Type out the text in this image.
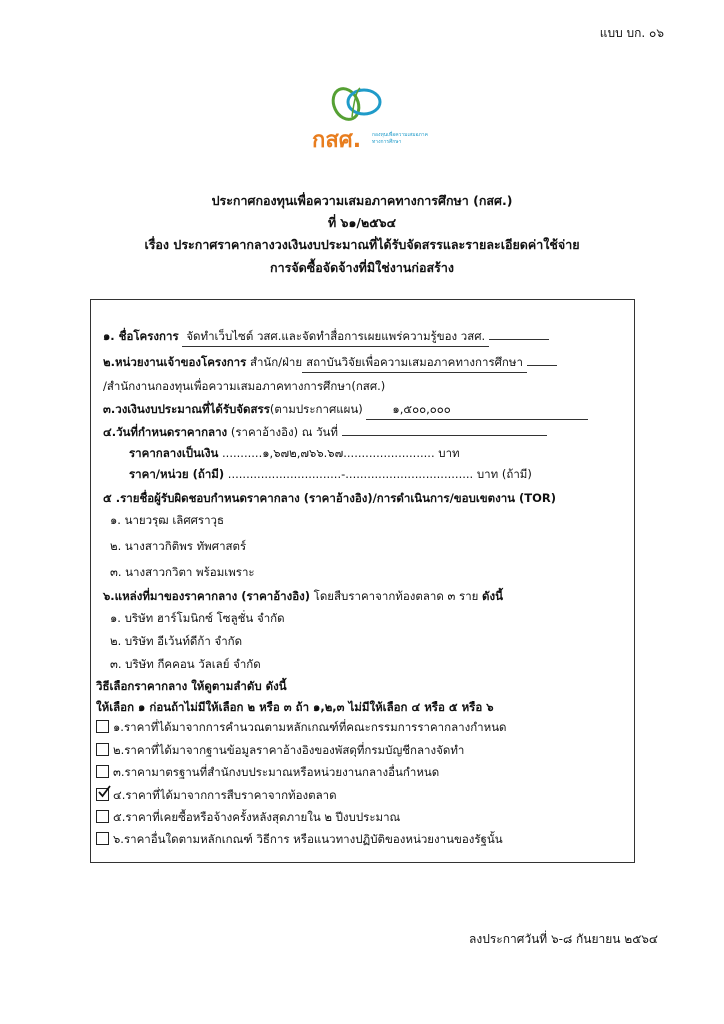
แบบ บก. ๐๖
กสศ. กองทุนเพื่อความเสมอภาค
ทางการศึกษา
ประกาศกองทุนเพื่อความเสมอภาคทางการศึกษา (กสศ.)
ที่ ๖๑/๒๕๖๔
เรื่อง ประกาศราคากลางวงเงินงบประมาณที่ได้รับจัดสรรและรายละเอียดค่าใช้จ่าย
การจัดซื้อจัดจ้างที่มิใช่งานก่อสร้าง
๑. ชื่อโครงการ จัดทำเว็บไซต์ วสศ.และจัดทำสื่อการเผยแพร่ความรู้ของ วสศ.
๒.หน่วยงานเจ้าของโครงการ สำนัก/ฝ่าย สถาบันวิจัยเพื่อความเสมอภาคทางการศึกษา
/สำนักงานกองทุนเพื่อความเสมอภาคทางการศึกษา(กสศ.)
๓.วงเงินงบประมาณที่ได้รับจัดสรร(ตามประกาศแผน)	๑,๕๐๐,๐๐๐
๔.วันที่กำหนดราคากลาง (ราคาอ้างอิง) ณ วันที่
ราคากลางเป็นเงิน ...........๑,๖๗๒,๗๖๖.๖๗......................... บาท
ราคา/หน่วย (ถ้ามี) ...............................-................................... บาท (ถ้ามี)
๕ .รายชื่อผู้รับผิดชอบกำหนดราคากลาง (ราคาอ้างอิง)/การดำเนินการ/ขอบเขตงาน (TOR)
๑. นายวรุฒ เลิศศราวุธ
๒. นางสาวกิติพร ทัพศาสตร์
๓. นางสาวกวิตา พร้อมเพราะ
๖.แหล่งที่มาของราคากลาง (ราคาอ้างอิง) โดยสืบราคาจากท้องตลาด ๓ ราย ดังนี้
๑. บริษัท ฮาร์โมนิกซ์ โซลูชั่น จำกัด
๒. บริษัท อีเว้นท์ดีก้า จำกัด
๓. บริษัท กีคคอน วัลเลย์ จำกัด
วิธีเลือกราคากลาง ให้ดูตามลำดับ ดังนี้
ให้เลือก ๑ ก่อนถ้าไม่มีให้เลือก ๒ หรือ ๓ ถ้า ๑,๒,๓ ไม่มีให้เลือก ๔ หรือ ๕ หรือ ๖
๑.ราคาที่ได้มาจากการคำนวณตามหลักเกณฑ์ที่คณะกรรมการราคากลางกำหนด
๒.ราคาที่ได้มาจากฐานข้อมูลราคาอ้างอิงของพัสดุที่กรมบัญชีกลางจัดทำ
๓.ราคามาตรฐานที่สำนักงบประมาณหรือหน่วยงานกลางอื่นกำหนด
๔.ราคาที่ได้มาจากการสืบราคาจากท้องตลาด
๕.ราคาที่เคยซื้อหรือจ้างครั้งหลังสุดภายใน ๒ ปีงบประมาณ
๖.ราคาอื่นใดตามหลักเกณฑ์ วิธีการ หรือแนวทางปฏิบัติของหน่วยงานของรัฐนั้น
ลงประกาศวันที่ ๖-๘ กันยายน ๒๕๖๔
